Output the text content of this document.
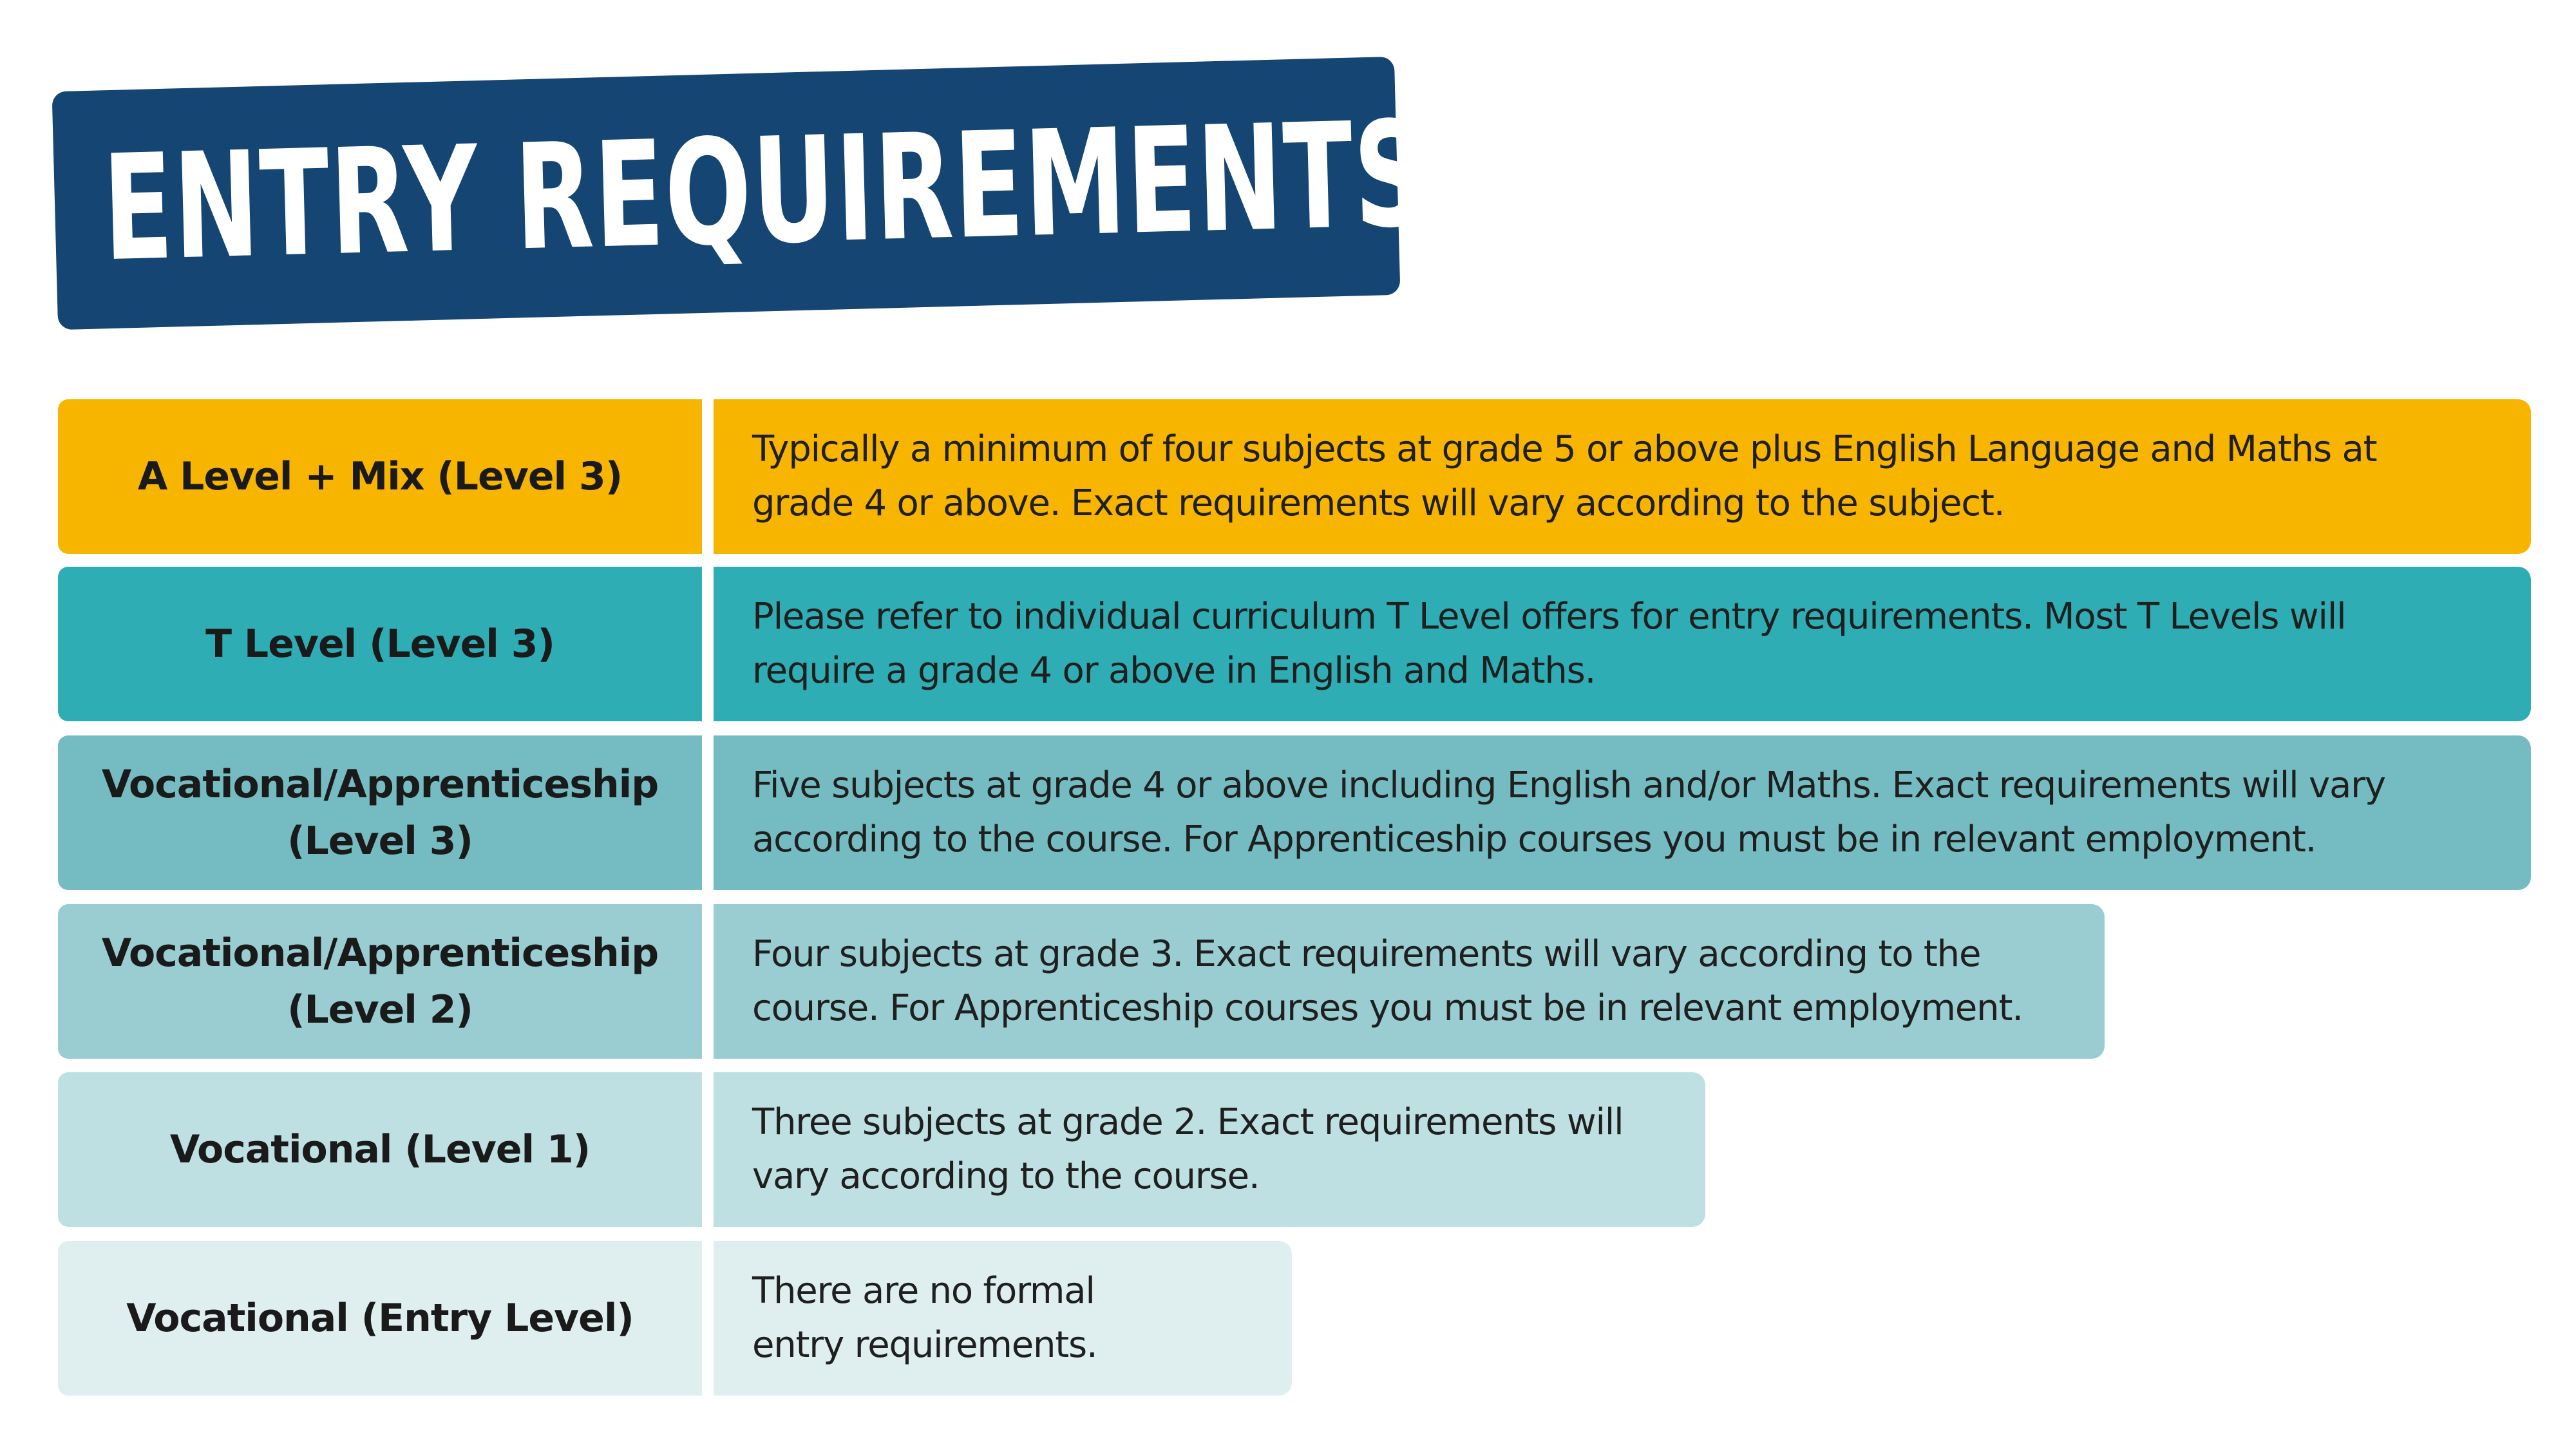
ENTRY REQUIREMENTS
A Level + Mix (Level 3)
Typically a minimum of four subjects at grade 5 or above plus English Language and Maths at
grade 4 or above. Exact requirements will vary according to the subject.
T Level (Level 3)
Please refer to individual curriculum T Level offers for entry requirements. Most T Levels will
require a grade 4 or above in English and Maths.
Vocational/Apprenticeship
(Level 3)
Five subjects at grade 4 or above including English and/or Maths. Exact requirements will vary
according to the course. For Apprenticeship courses you must be in relevant employment.
Vocational/Apprenticeship
(Level 2)
Four subjects at grade 3. Exact requirements will vary according to the
course. For Apprenticeship courses you must be in relevant employment.
Vocational (Level 1)
Three subjects at grade 2. Exact requirements will
vary according to the course.
Vocational (Entry Level)
There are no formal
entry requirements.
